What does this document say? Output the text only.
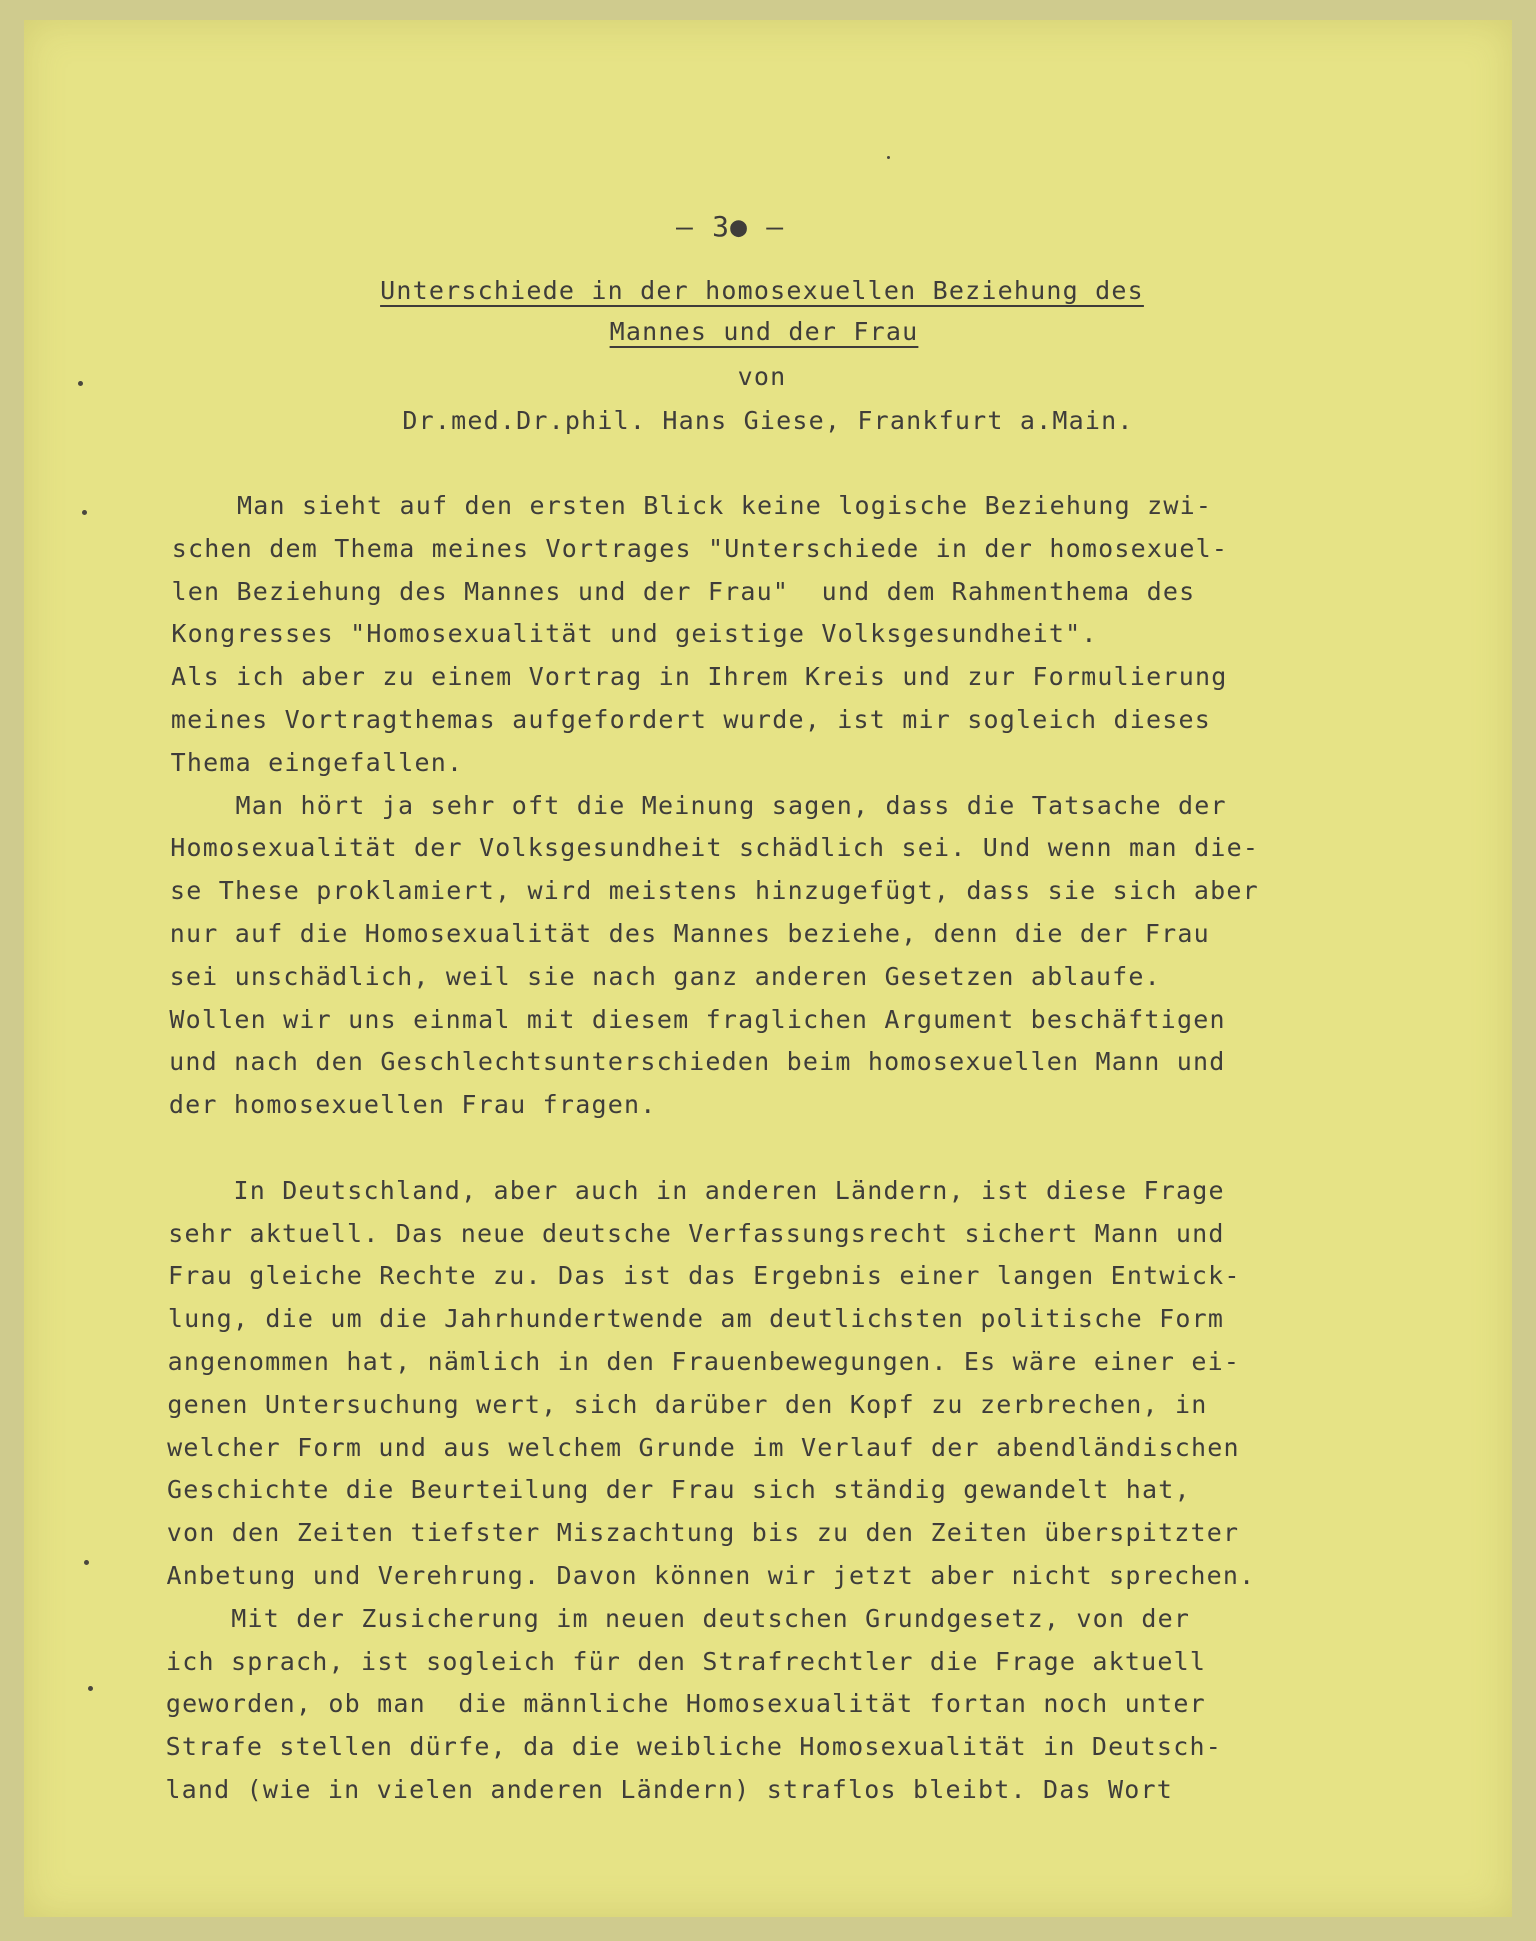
– 3● –
Unterschiede in der homosexuellen Beziehung des
Mannes und der Frau
von
Dr.med.Dr.phil. Hans Giese, Frankfurt a.Main.
Man sieht auf den ersten Blick keine logische Beziehung zwi-
schen dem Thema meines Vortrages "Unterschiede in der homosexuel-
len Beziehung des Mannes und der Frau"  und dem Rahmenthema des
Kongresses "Homosexualität und geistige Volksgesundheit".
Als ich aber zu einem Vortrag in Ihrem Kreis und zur Formulierung
meines Vortragthemas aufgefordert wurde, ist mir sogleich dieses
Thema eingefallen.
Man hört ja sehr oft die Meinung sagen, dass die Tatsache der
Homosexualität der Volksgesundheit schädlich sei. Und wenn man die-
se These proklamiert, wird meistens hinzugefügt, dass sie sich aber
nur auf die Homosexualität des Mannes beziehe, denn die der Frau
sei unschädlich, weil sie nach ganz anderen Gesetzen ablaufe.
Wollen wir uns einmal mit diesem fraglichen Argument beschäftigen
und nach den Geschlechtsunterschieden beim homosexuellen Mann und
der homosexuellen Frau fragen.
In Deutschland, aber auch in anderen Ländern, ist diese Frage
sehr aktuell. Das neue deutsche Verfassungsrecht sichert Mann und
Frau gleiche Rechte zu. Das ist das Ergebnis einer langen Entwick-
lung, die um die Jahrhundertwende am deutlichsten politische Form
angenommen hat, nämlich in den Frauenbewegungen. Es wäre einer ei-
genen Untersuchung wert, sich darüber den Kopf zu zerbrechen, in
welcher Form und aus welchem Grunde im Verlauf der abendländischen
Geschichte die Beurteilung der Frau sich ständig gewandelt hat,
von den Zeiten tiefster Miszachtung bis zu den Zeiten überspitzter
Anbetung und Verehrung. Davon können wir jetzt aber nicht sprechen.
Mit der Zusicherung im neuen deutschen Grundgesetz, von der
ich sprach, ist sogleich für den Strafrechtler die Frage aktuell
geworden, ob man  die männliche Homosexualität fortan noch unter
Strafe stellen dürfe, da die weibliche Homosexualität in Deutsch-
land (wie in vielen anderen Ländern) straflos bleibt. Das Wort
